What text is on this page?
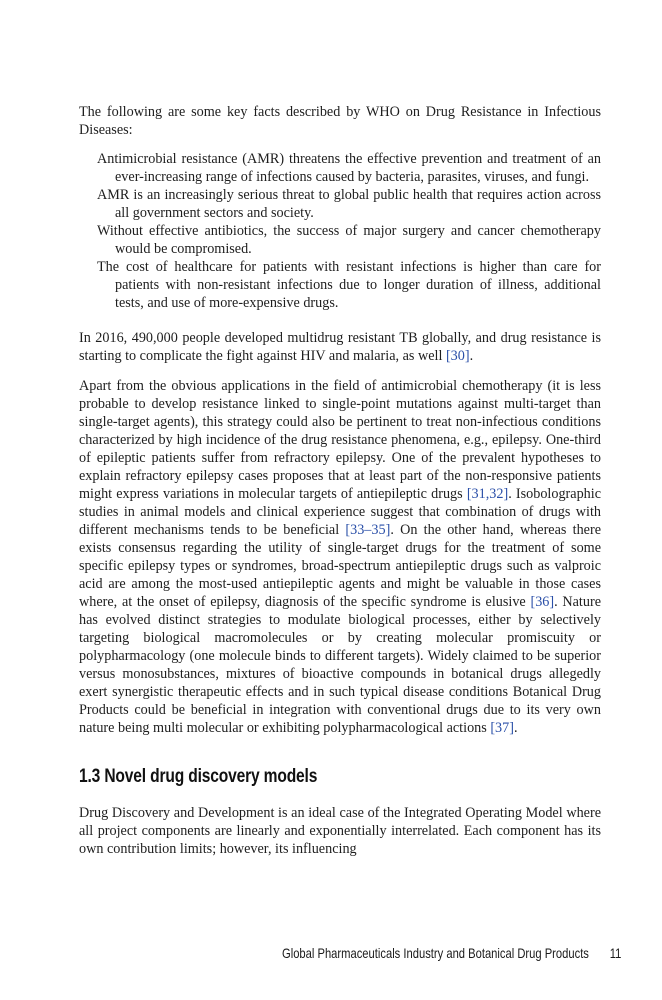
The following are some key facts described by WHO on Drug Resistance in Infectious Diseases:

Antimicrobial resistance (AMR) threatens the effective prevention and treatment of an ever-increasing range of infections caused by bacteria, parasites, viruses, and fungi.
AMR is an increasingly serious threat to global public health that requires action across all government sectors and society.
Without effective antibiotics, the success of major surgery and cancer chemotherapy would be compromised.
The cost of healthcare for patients with resistant infections is higher than care for patients with non-resistant infections due to longer duration of illness, additional tests, and use of more-expensive drugs.

In 2016, 490,000 people developed multidrug resistant TB globally, and drug resistance is starting to complicate the fight against HIV and malaria, as well [30].

Apart from the obvious applications in the field of antimicrobial chemotherapy (it is less probable to develop resistance linked to single-point mutations against multi-target than single-target agents), this strategy could also be pertinent to treat non-infectious conditions characterized by high incidence of the drug resistance phenomena, e.g., epilepsy. One-third of epileptic patients suffer from refractory epilepsy. One of the prevalent hypotheses to explain refractory epilepsy cases proposes that at least part of the non-responsive patients might express variations in molecular targets of antiepileptic drugs [31,32]. Isobolographic studies in animal models and clinical experience suggest that combination of drugs with different mechanisms tends to be beneficial [33–35]. On the other hand, whereas there exists consensus regarding the utility of single-target drugs for the treatment of some specific epilepsy types or syndromes, broad-spectrum antiepileptic drugs such as valproic acid are among the most-used antiepileptic agents and might be valuable in those cases where, at the onset of epilepsy, diagnosis of the specific syndrome is elusive [36]. Nature has evolved distinct strategies to modulate biological processes, either by selectively targeting biological macromolecules or by creating molecular promiscuity or polypharmacology (one molecule binds to different targets). Widely claimed to be superior versus monosubstances, mixtures of bioactive compounds in botanical drugs allegedly exert synergistic therapeutic effects and in such typical disease conditions Botanical Drug Products could be beneficial in integration with conventional drugs due to its very own nature being multi molecular or exhibiting polypharmacological actions [37].

1.3 Novel drug discovery models

Drug Discovery and Development is an ideal case of the Integrated Operating Model where all project components are linearly and exponentially interrelated. Each component has its own contribution limits; however, its influencing

Global Pharmaceuticals Industry and Botanical Drug Products 11
